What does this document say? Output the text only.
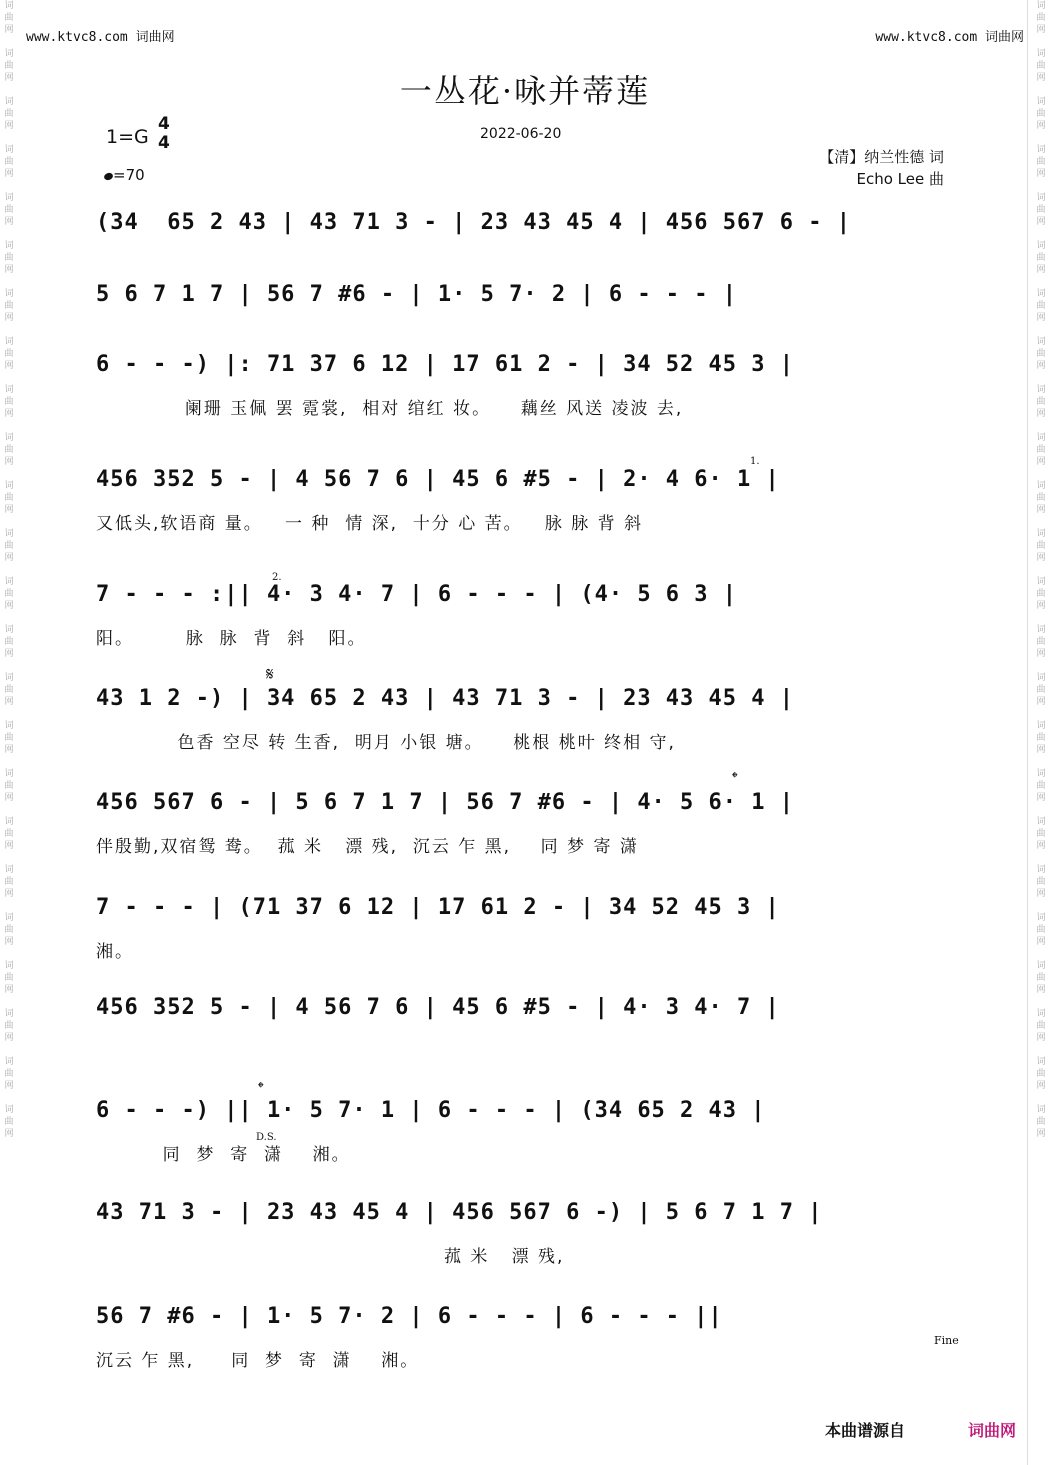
词曲网
词曲网
词曲网
词曲网
词曲网
词曲网
词曲网
词曲网
词曲网
词曲网
词曲网
词曲网
词曲网
词曲网
词曲网
词曲网
词曲网
词曲网
词曲网
词曲网
词曲网
词曲网
词曲网
词曲网
词曲网
词曲网
词曲网
词曲网
词曲网
词曲网
词曲网
词曲网
词曲网
词曲网
词曲网
词曲网
词曲网
词曲网
词曲网
词曲网
词曲网
词曲网
词曲网
词曲网
词曲网
词曲网
词曲网
词曲网
www.ktvc8.com 词曲网	www.ktvc8.com 词曲网
一丛花·咏并蒂莲
1=G
4
4
=70
2022-06-20
【清】纳兰性德 词
Echo Lee 曲
(34  65 2 43 | 43 71 3 - | 23 43 45 4 | 456 567 6 - |
5 6 7 1 7 | 56 7 #6 - | 1· 5 7· 2 | 6 - - - |
6 - - -) |: 71 37 6 12 | 17 61 2 - | 34 52 45 3 |
阑珊 玉佩 罢 霓裳,  相对 绾红 妆。    藕丝 风送 凌波 去,
456 352 5 - | 4 56 7 6 | 45 6 #5 - | 2· 4 6· 1 |
又低头,软语商 量。   一 种  情 深,  十分 心 苦。   脉 脉 背 斜
7 - - - :|| 4· 3 4· 7 | 6 - - - | (4· 5 6 3 |
阳。       脉  脉  背  斜   阳。
43 1 2 -) | 34 65 2 43 | 43 71 3 - | 23 43 45 4 |
色香 空尽 转 生香,  明月 小银 塘。    桃根 桃叶 终相 守,
456 567 6 - | 5 6 7 1 7 | 56 7 #6 - | 4· 5 6· 1 |
伴殷勤,双宿鸳 鸯。  菰 米   漂 残,  沉云 乍 黑,    同 梦 寄 潇
7 - - - | (71 37 6 12 | 17 61 2 - | 34 52 45 3 |
湘。
456 352 5 - | 4 56 7 6 | 45 6 #5 - | 4· 3 4· 7 |
6 - - -) || 1· 5 7· 1 | 6 - - - | (34 65 2 43 |
同  梦  寄  潇    湘。
43 71 3 - | 23 43 45 4 | 456 567 6 -) | 5 6 7 1 7 |
菰 米   漂 残,
56 7 #6 - | 1· 5 7· 2 | 6 - - - | 6 - - - ||
沉云 乍 黑,     同  梦  寄  潇    湘。
本曲谱源自	词曲网
1.
2.
𝄋
𝄌
𝄌
D.S.
Fine
